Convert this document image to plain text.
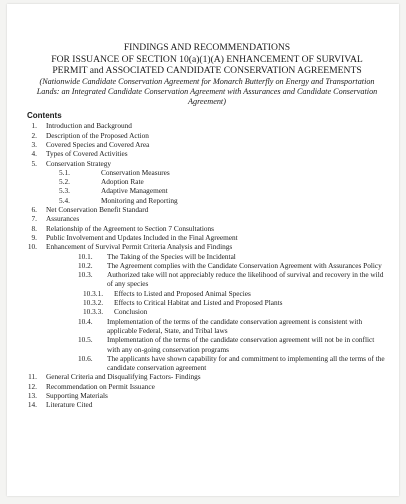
FINDINGS AND RECOMMENDATIONS
FOR ISSUANCE OF SECTION 10(a)(1)(A) ENHANCEMENT OF SURVIVAL
PERMIT and ASSOCIATED CANDIDATE CONSERVATION AGREEMENTS
(Nationwide Candidate Conservation Agreement for Monarch Butterfly on Energy and Transportation Lands: an Integrated Candidate Conservation Agreement with Assurances and Candidate Conservation Agreement)
Contents
1. Introduction and Background
2. Description of the Proposed Action
3. Covered Species and Covered Area
4. Types of Covered Activities
5. Conservation Strategy
5.1.	Conservation Measures
5.2.	Adoption Rate
5.3.	Adaptive Management
5.4.	Monitoring and Reporting
6. Net Conservation Benefit Standard
7. Assurances
8. Relationship of the Agreement to Section 7 Consultations
9. Public Involvement and Updates Included in the Final Agreement
10. Enhancement of Survival Permit Criteria Analysis and Findings
10.1.	The Taking of the Species will be Incidental
10.2.	The Agreement complies with the Candidate Conservation Agreement with Assurances Policy
10.3.	Authorized take will not appreciably reduce the likelihood of survival and recovery in the wild of any species
10.3.1.	Effects to Listed and Proposed Animal Species
10.3.2.	Effects to Critical Habitat and Listed and Proposed Plants
10.3.3.	Conclusion
10.4.	Implementation of the terms of the candidate conservation agreement is consistent with applicable Federal, State, and Tribal laws
10.5.	Implementation of the terms of the candidate conservation agreement will not be in conflict with any on-going conservation programs
10.6.	The applicants have shown capability for and commitment to implementing all the terms of the candidate conservation agreement
11. General Criteria and Disqualifying Factors- Findings
12. Recommendation on Permit Issuance
13. Supporting Materials
14. Literature Cited
